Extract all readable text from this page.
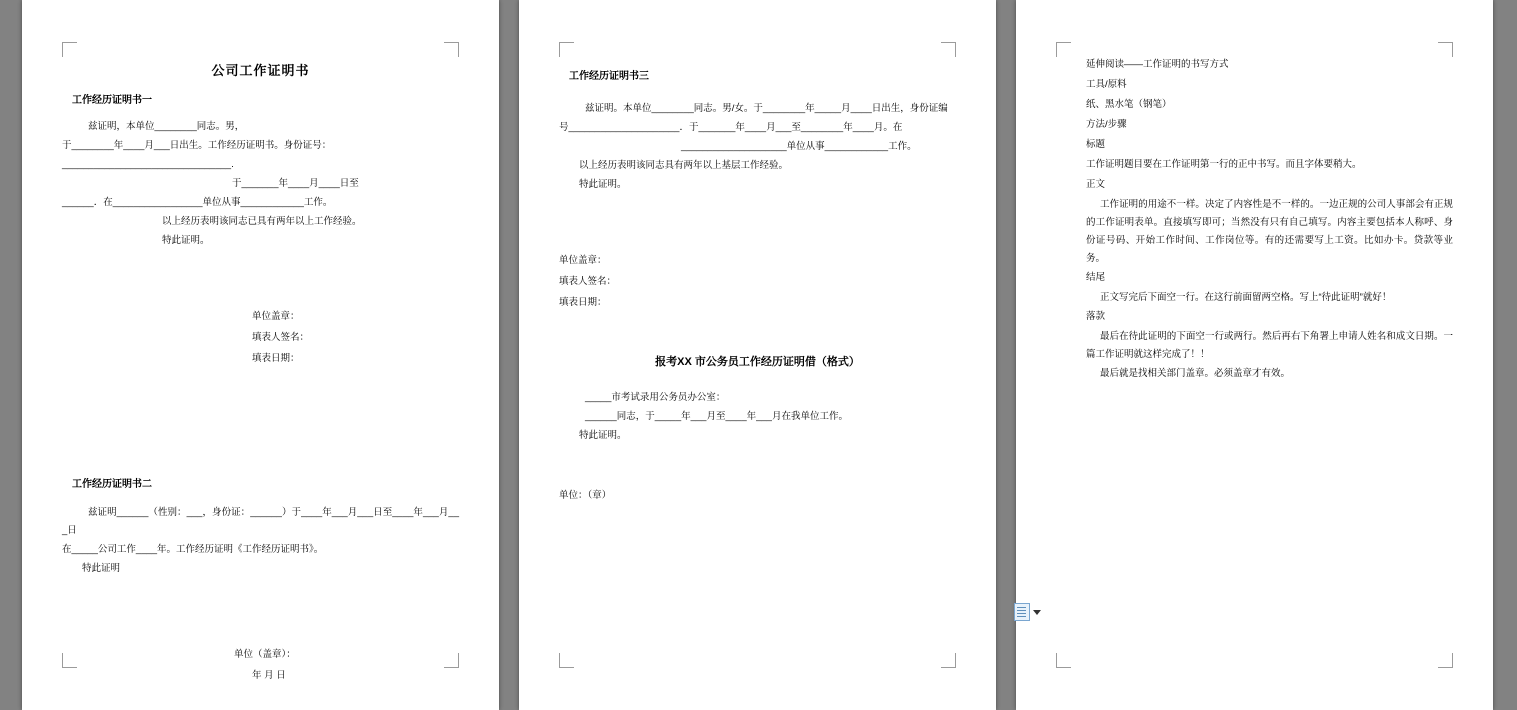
公司工作证明书
工作经历证明书一
兹证明，本单位________同志。男，
于________年____月___日出生。工作经历证明书。身份证号：
________________________________.
于_______年____月____日至
______．在_________________单位从事____________工作。
以上经历表明该同志已具有两年以上工作经验。
特此证明。
单位盖章：
填表人签名：
填表日期：
工作经历证明书二
兹证明______（性别：___，身份证：______）于____年___月___日至____年___月___日
在_____公司工作____年。工作经历证明《工作经历证明书》。
特此证明
单位（盖章）：
年 月 日
工作经历证明书三
兹证明。本单位________同志。男/女。于________年_____月____日出生，身份证编
号_____________________．于_______年____月___至________年____月。在
____________________单位从事____________工作。
以上经历表明该同志具有两年以上基层工作经验。
特此证明。
单位盖章：
填表人签名：
填表日期：
报考XX 市公务员工作经历证明借（格式）
_____市考试录用公务员办公室：
______同志，于_____年___月至____年___月在我单位工作。
特此证明。
单位：（章）
延伸阅读——工作证明的书写方式
工具/原料
纸、黑水笔（钢笔）
方法/步骤
标题
工作证明题目要在工作证明第一行的正中书写。而且字体要稍大。
正文
工作证明的用途不一样。决定了内容性是不一样的。一边正规的公司人事部会有正规的工作证明表单。直接填写即可；当然没有只有自己填写。内容主要包括本人称呼、身份证号码、开始工作时间、工作岗位等。有的还需要写上工资。比如办卡。贷款等业务。
结尾
正文写完后下面空一行。在这行前面留两空格。写上“待此证明”就好！
落款
最后在待此证明的下面空一行或两行。然后再右下角署上申请人姓名和成文日期。一篇工作证明就这样完成了！！
最后就是找相关部门盖章。必须盖章才有效。
